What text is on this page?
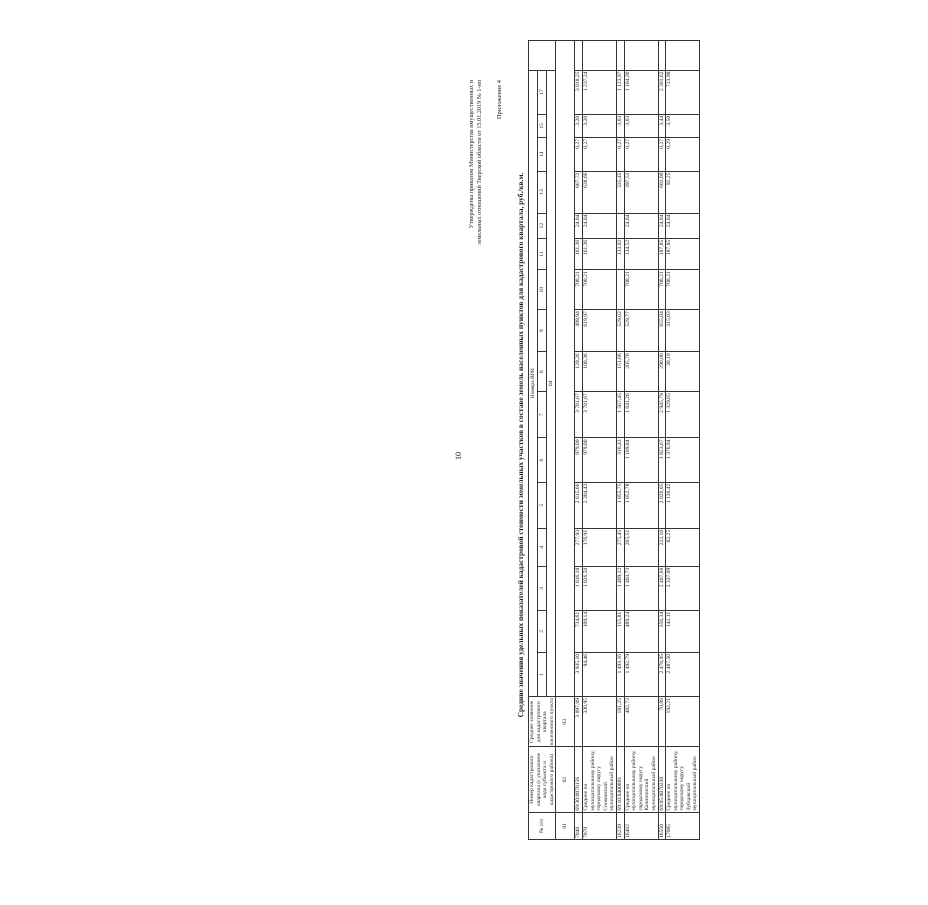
10
Утверждены приказом Министерства имущественных и земельных отношений Тверской области от 15.01.2019 № 1-нп Приложение 4
Средние значения удельных показателей кадастровой стоимости земельных участков в составе земель населенных пунктов для кадастрового квартала, руб./кв.м.
№ п/п	Номер кадастрового квартала (с указанием кода субъекта и кадастрового района)	Среднее значение для кадастрового квартала населенного пункта	Номера ВРИ																
			1	2	3	4	5	6	7	8	9	10	11	12	13	14	15	17	
			04																
01	02	03																	
7040	69:30:0070156	3 097,89	3 935,10	734,61	1 016,18	277,93	2 615,66	979,00	3 781,67	129,26	499,94	708,21	161,36	24,84	667,72	0,27	3,20	3 018,25	
7070	Среднее по муниципальному району, городскому округу Сонковский муниципальный район	330,95	94,46	109,14	1 026,50	176,91	2 304,43	979,00	3 781,67	100,36	619,97	708,21	161,36	24,84	638,66	0,27	3,20	1 237,24	
16239	69:10:0400801	181,25	1 493,16	115,81	1 409,12	275,45	1 855,75	316,43	1 567,45	151,66	529,62		133,02		335,45	0,27	3,63	1 123,97	
16462	Среднее по муниципальному району, городскому округу Калининский муниципальный район	402,73	1 492,79	489,24	1 403,73	265,51	1 852,78	1 189,84	1 641,26	205,78	529,77	708,21	134,52	24,84	397,51	0,27	3,63	1 184,36	
16550	69:05:0070230	70,88	2 478,95	356,34	2 407,68	222,10	2 026,05	1 823,67	2 945,79	290,00	655,04	708,21	187,85	24,84	601,00	0,27	3,44	2 301,62	
17085	Среднее по муниципальному району, городскому округу Зубцовский муниципальный район	192,21	2 487,50	142,11	2 337,09	82,25	1 136,42	1 376,94	1 329,65	30,19	315,03	708,21	187,85	24,84	92,25	0,29	3,50	723,98	
